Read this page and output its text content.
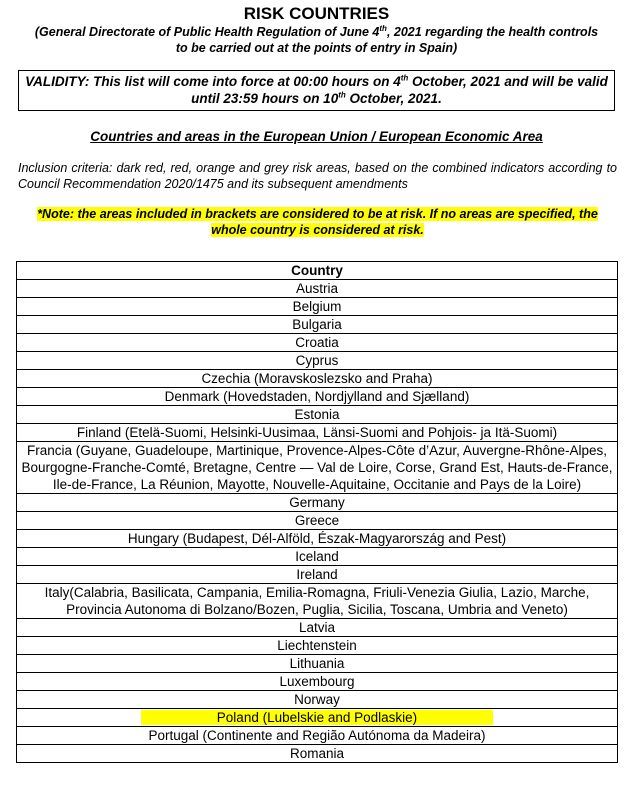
RISK COUNTRIES
(General Directorate of Public Health Regulation of June 4th, 2021 regarding the health controls to be carried out at the points of entry in Spain)
VALIDITY: This list will come into force at 00:00 hours on 4th October, 2021 and will be valid until 23:59 hours on 10th October, 2021.
Countries and areas in the European Union / European Economic Area
Inclusion criteria: dark red, red, orange and grey risk areas, based on the combined indicators according to Council Recommendation 2020/1475 and its subsequent amendments
*Note: the areas included in brackets are considered to be at risk. If no areas are specified, the whole country is considered at risk.
Country
Austria
Belgium
Bulgaria
Croatia
Cyprus
Czechia (Moravskoslezsko and Praha)
Denmark (Hovedstaden, Nordjylland and Sjælland)
Estonia
Finland (Etelä-Suomi, Helsinki-Uusimaa, Länsi-Suomi and Pohjois- ja Itä-Suomi)
Francia (Guyane, Guadeloupe, Martinique, Provence-Alpes-Côte d’Azur, Auvergne-Rhône-Alpes, Bourgogne-Franche-Comté, Bretagne, Centre — Val de Loire, Corse, Grand Est, Hauts-de-France, Ile-de-France, La Réunion, Mayotte, Nouvelle-Aquitaine, Occitanie and Pays de la Loire)
Germany
Greece
Hungary (Budapest, Dél-Alföld, Észak-Magyarország and Pest)
Iceland
Ireland
Italy(Calabria, Basilicata, Campania, Emilia-Romagna, Friuli-Venezia Giulia, Lazio, Marche, Provincia Autonoma di Bolzano/Bozen, Puglia, Sicilia, Toscana, Umbria and Veneto)
Latvia
Liechtenstein
Lithuania
Luxembourg
Norway
Poland (Lubelskie and Podlaskie)
Portugal (Continente and Região Autónoma da Madeira)
Romania
